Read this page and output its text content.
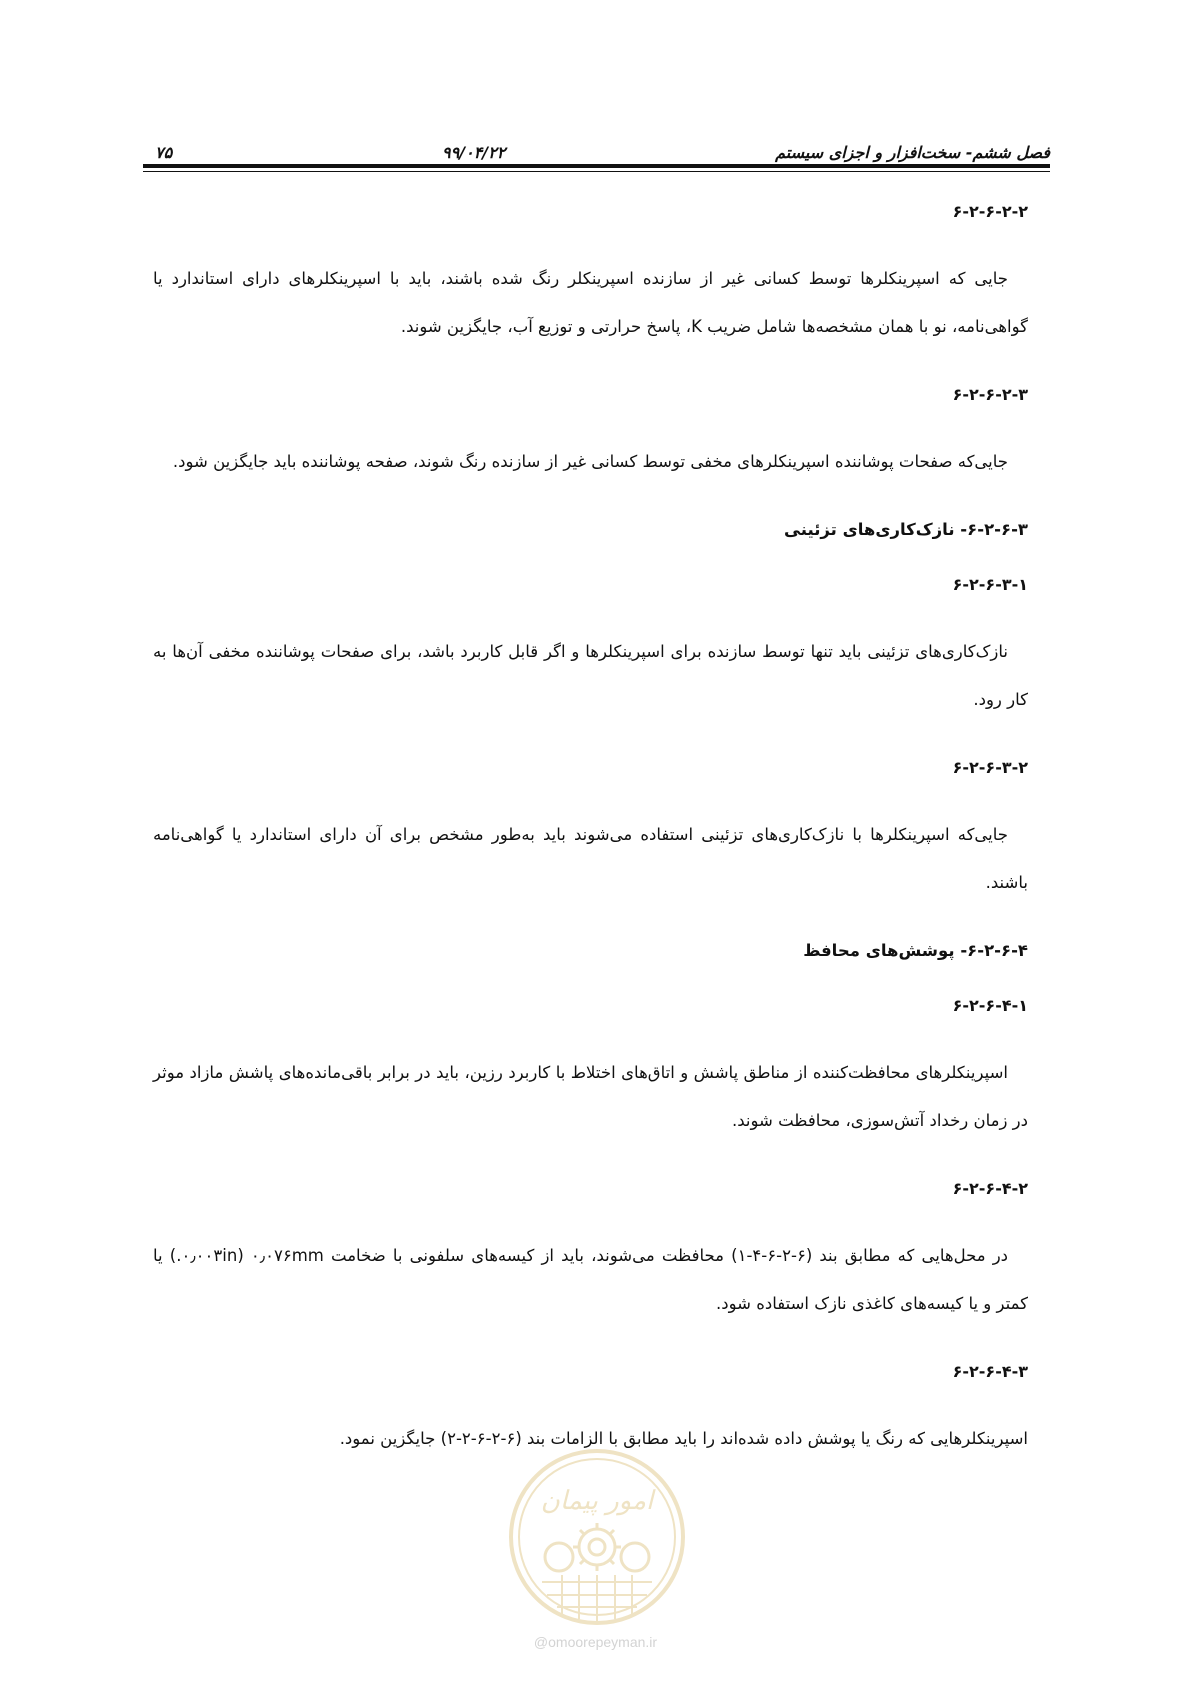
۷۵	۹۹/۰۴/۲۲	فصل ششم- سخت‌افزار و اجزای سیستم

۶-۲-۶-۲-۲

جایی که اسپرینکلرها توسط کسانی غیر از سازنده اسپرینکلر رنگ شده باشند، باید با اسپرینکلرهای دارای استاندارد یا گواهی‌نامه، نو با همان مشخصه‌ها شامل ضریب K، پاسخ حرارتی و توزیع آب، جایگزین شوند.

۶-۲-۶-۲-۳

جایی‌که صفحات پوشاننده اسپرینکلرهای مخفی توسط کسانی غیر از سازنده رنگ شوند، صفحه پوشاننده باید جایگزین شود.

۶-۲-۶-۳- نازک‌کاری‌های تزئینی

۶-۲-۶-۳-۱

نازک‌کاری‌های تزئینی باید تنها توسط سازنده برای اسپرینکلرها و اگر قابل کاربرد باشد، برای صفحات پوشاننده مخفی آن‌ها به کار رود.

۶-۲-۶-۳-۲

جایی‌که اسپرینکلرها با نازک‌کاری‌های تزئینی استفاده می‌شوند باید به‌طور مشخص برای آن دارای استاندارد یا گواهی‌نامه باشند.

۶-۲-۶-۴- پوشش‌های محافظ

۶-۲-۶-۴-۱

اسپرینکلرهای محافظت‌کننده از مناطق پاشش و اتاق‌های اختلاط با کاربرد رزین، باید در برابر باقی‌مانده‌های پاشش مازاد موثر در زمان رخداد آتش‌سوزی، محافظت شوند.

۶-۲-۶-۴-۲

در محل‌هایی که مطابق بند (۶-۲-۶-۴-۱) محافظت می‌شوند، باید از کیسه‌های سلفونی با ضخامت ۰٫۰۷۶mm (۰٫۰۰۳in.) یا کمتر و یا کیسه‌های کاغذی نازک استفاده شود.

۶-۲-۶-۴-۳

اسپرینکلرهایی که رنگ یا پوشش داده شده‌اند را باید مطابق با الزامات بند (۶-۲-۶-۲-۲) جایگزین نمود.

امور پیمان
@omoorepeyman.ir
